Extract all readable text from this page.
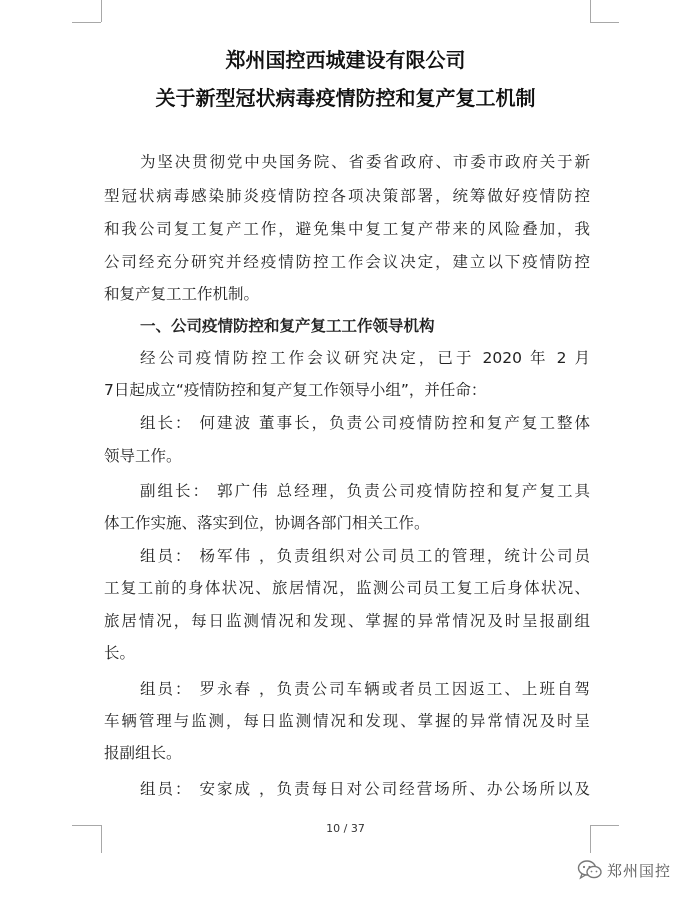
郑州国控西城建设有限公司
关于新型冠状病毒疫情防控和复产复工机制
为坚决贯彻党中央国务院、省委省政府、市委市政府关于新
型冠状病毒感染肺炎疫情防控各项决策部署，统筹做好疫情防控
和我公司复工复产工作，避免集中复工复产带来的风险叠加，我
公司经充分研究并经疫情防控工作会议决定，建立以下疫情防控
和复产复工工作机制。
一、公司疫情防控和复产复工工作领导机构
经公司疫情防控工作会议研究决定，已于 2020 年 2 月
7日起成立“疫情防控和复产复工作领导小组”，并任命：
组长： 何建波 董事长，负责公司疫情防控和复产复工整体
领导工作。
副组长： 郭广伟 总经理，负责公司疫情防控和复产复工具
体工作实施、落实到位，协调各部门相关工作。
组员： 杨军伟 ，负责组织对公司员工的管理，统计公司员
工复工前的身体状况、旅居情况，监测公司员工复工后身体状况、
旅居情况，每日监测情况和发现、掌握的异常情况及时呈报副组
长。
组员： 罗永春 ，负责公司车辆或者员工因返工、上班自驾
车辆管理与监测，每日监测情况和发现、掌握的异常情况及时呈
报副组长。
组员： 安家成 ，负责每日对公司经营场所、办公场所以及
10 / 37
郑州国控
